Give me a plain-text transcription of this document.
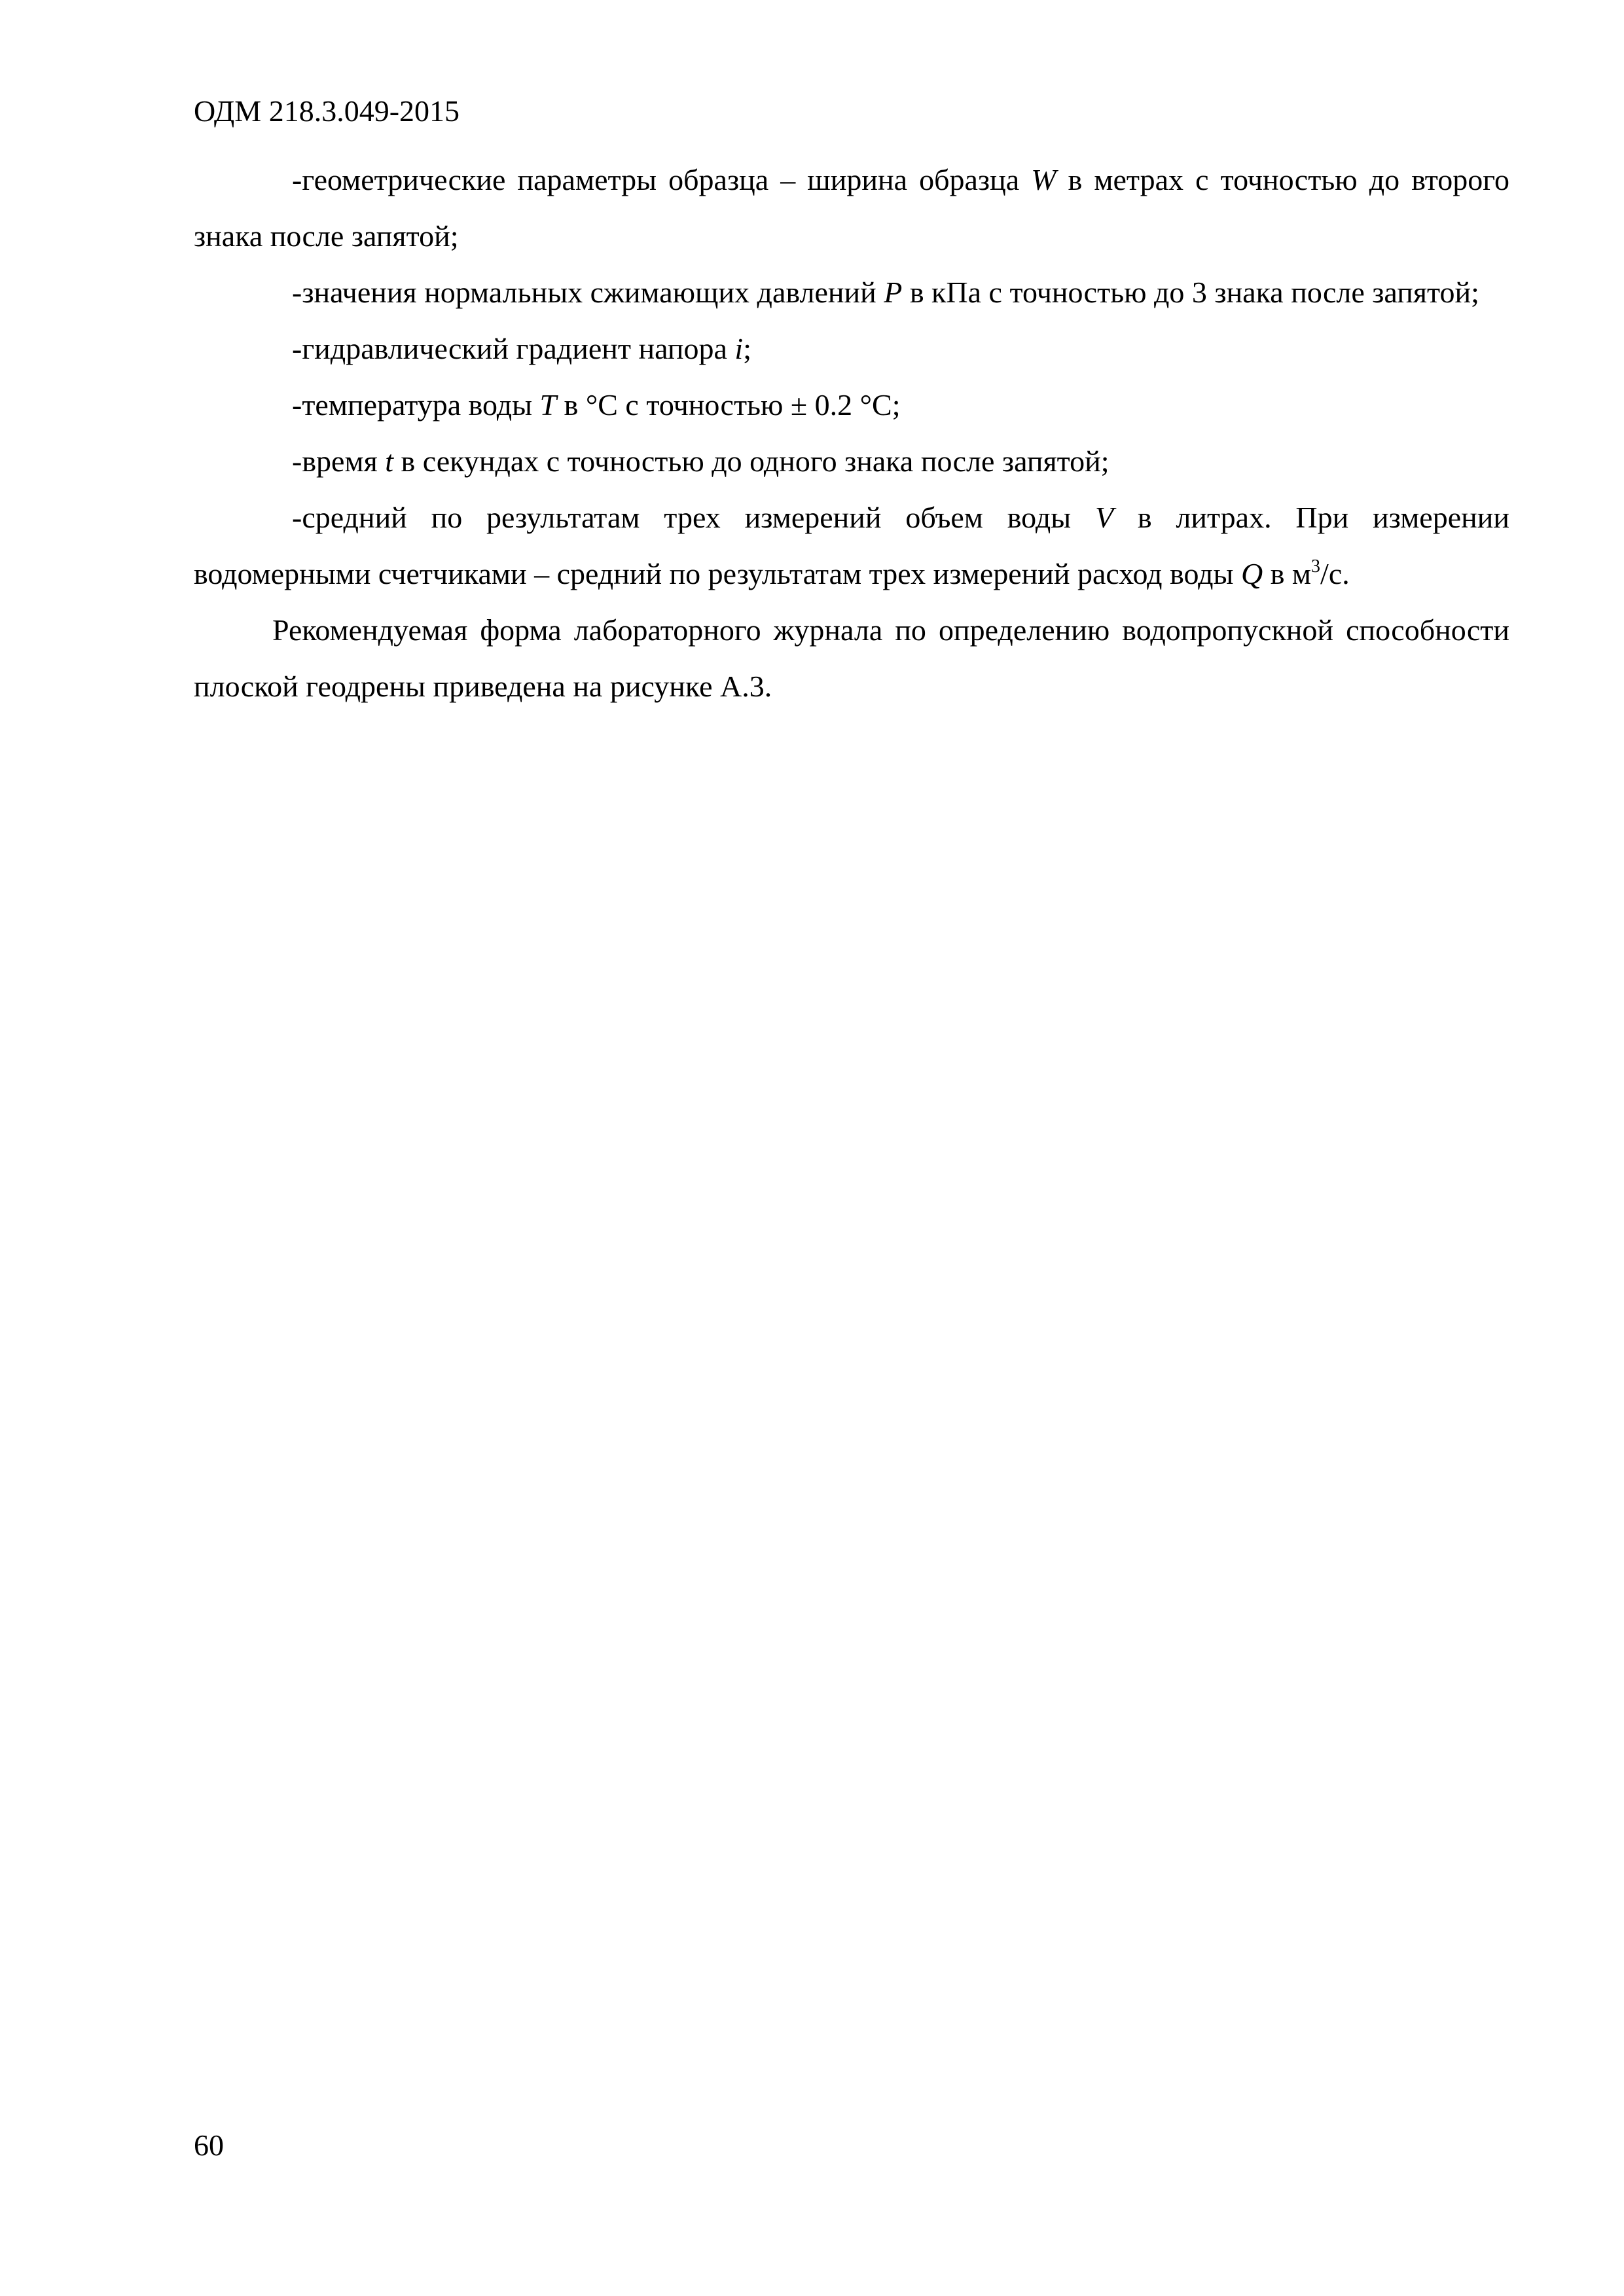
ОДМ 218.3.049-2015

-геометрические параметры образца – ширина образца W в метрах с точностью до второго знака после запятой;

-значения нормальных сжимающих давлений P в кПа с точностью до 3 знака после запятой;

-гидравлический градиент напора i;

-температура воды T в °С с точностью ± 0.2 °С;

-время t в секундах с точностью до одного знака после запятой;

-средний по результатам трех измерений объем воды V в литрах. При измерении водомерными счетчиками – средний по результатам трех измерений расход воды Q в $м^3/с$.

Рекомендуемая форма лабораторного журнала по определению водопропускной способности плоской геодрены приведена на рисунке А.3.

60
